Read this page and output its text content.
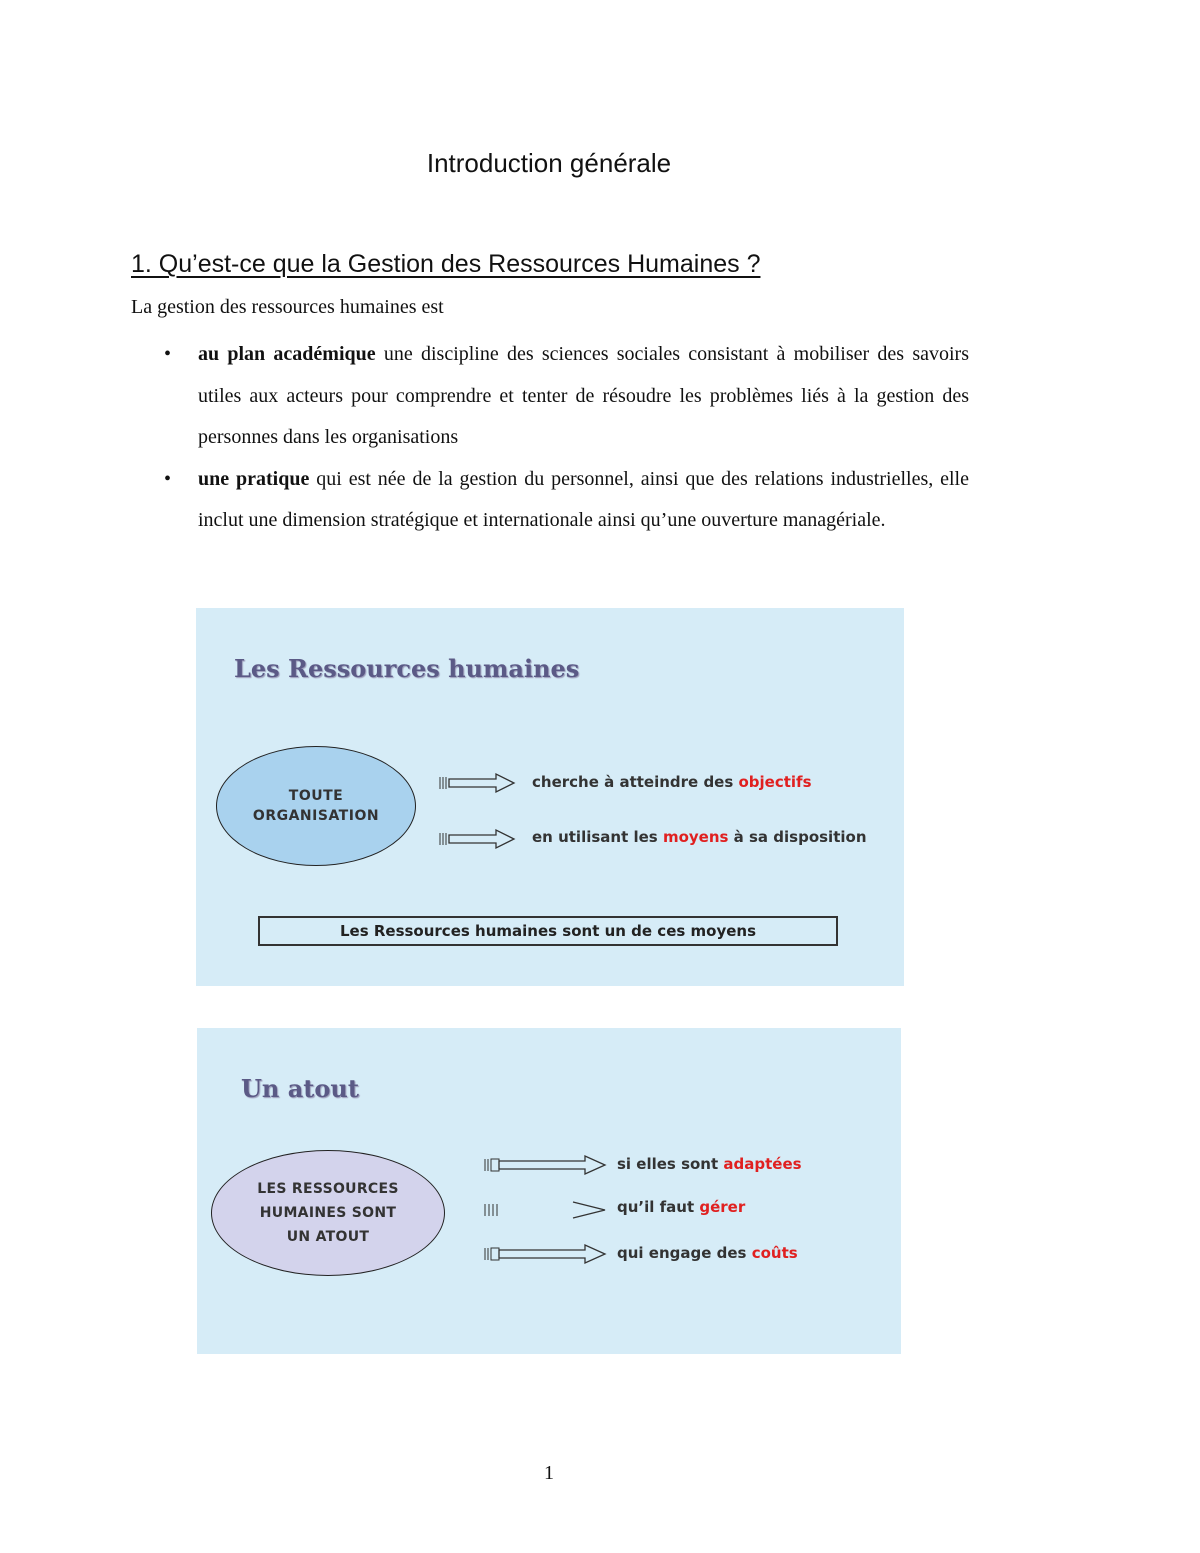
Introduction générale
1. Qu’est-ce que la Gestion des Ressources Humaines ?
La gestion des ressources humaines est
• au plan académique une discipline des sciences sociales consistant à mobiliser des savoirs utiles aux acteurs pour comprendre et tenter de résoudre les problèmes liés à la gestion des personnes dans les organisations
• une pratique qui est née de la gestion du personnel, ainsi que des relations industrielles, elle inclut une dimension stratégique et internationale ainsi qu’une ouverture managériale.
Les Ressources humaines
TOUTE
ORGANISATION
cherche à atteindre des objectifs
en utilisant les moyens à sa disposition
Les Ressources humaines sont un de ces moyens
Un atout
LES RESSOURCES
HUMAINES SONT
UN ATOUT
si elles sont adaptées
qu’il faut gérer
qui engage des coûts
1
